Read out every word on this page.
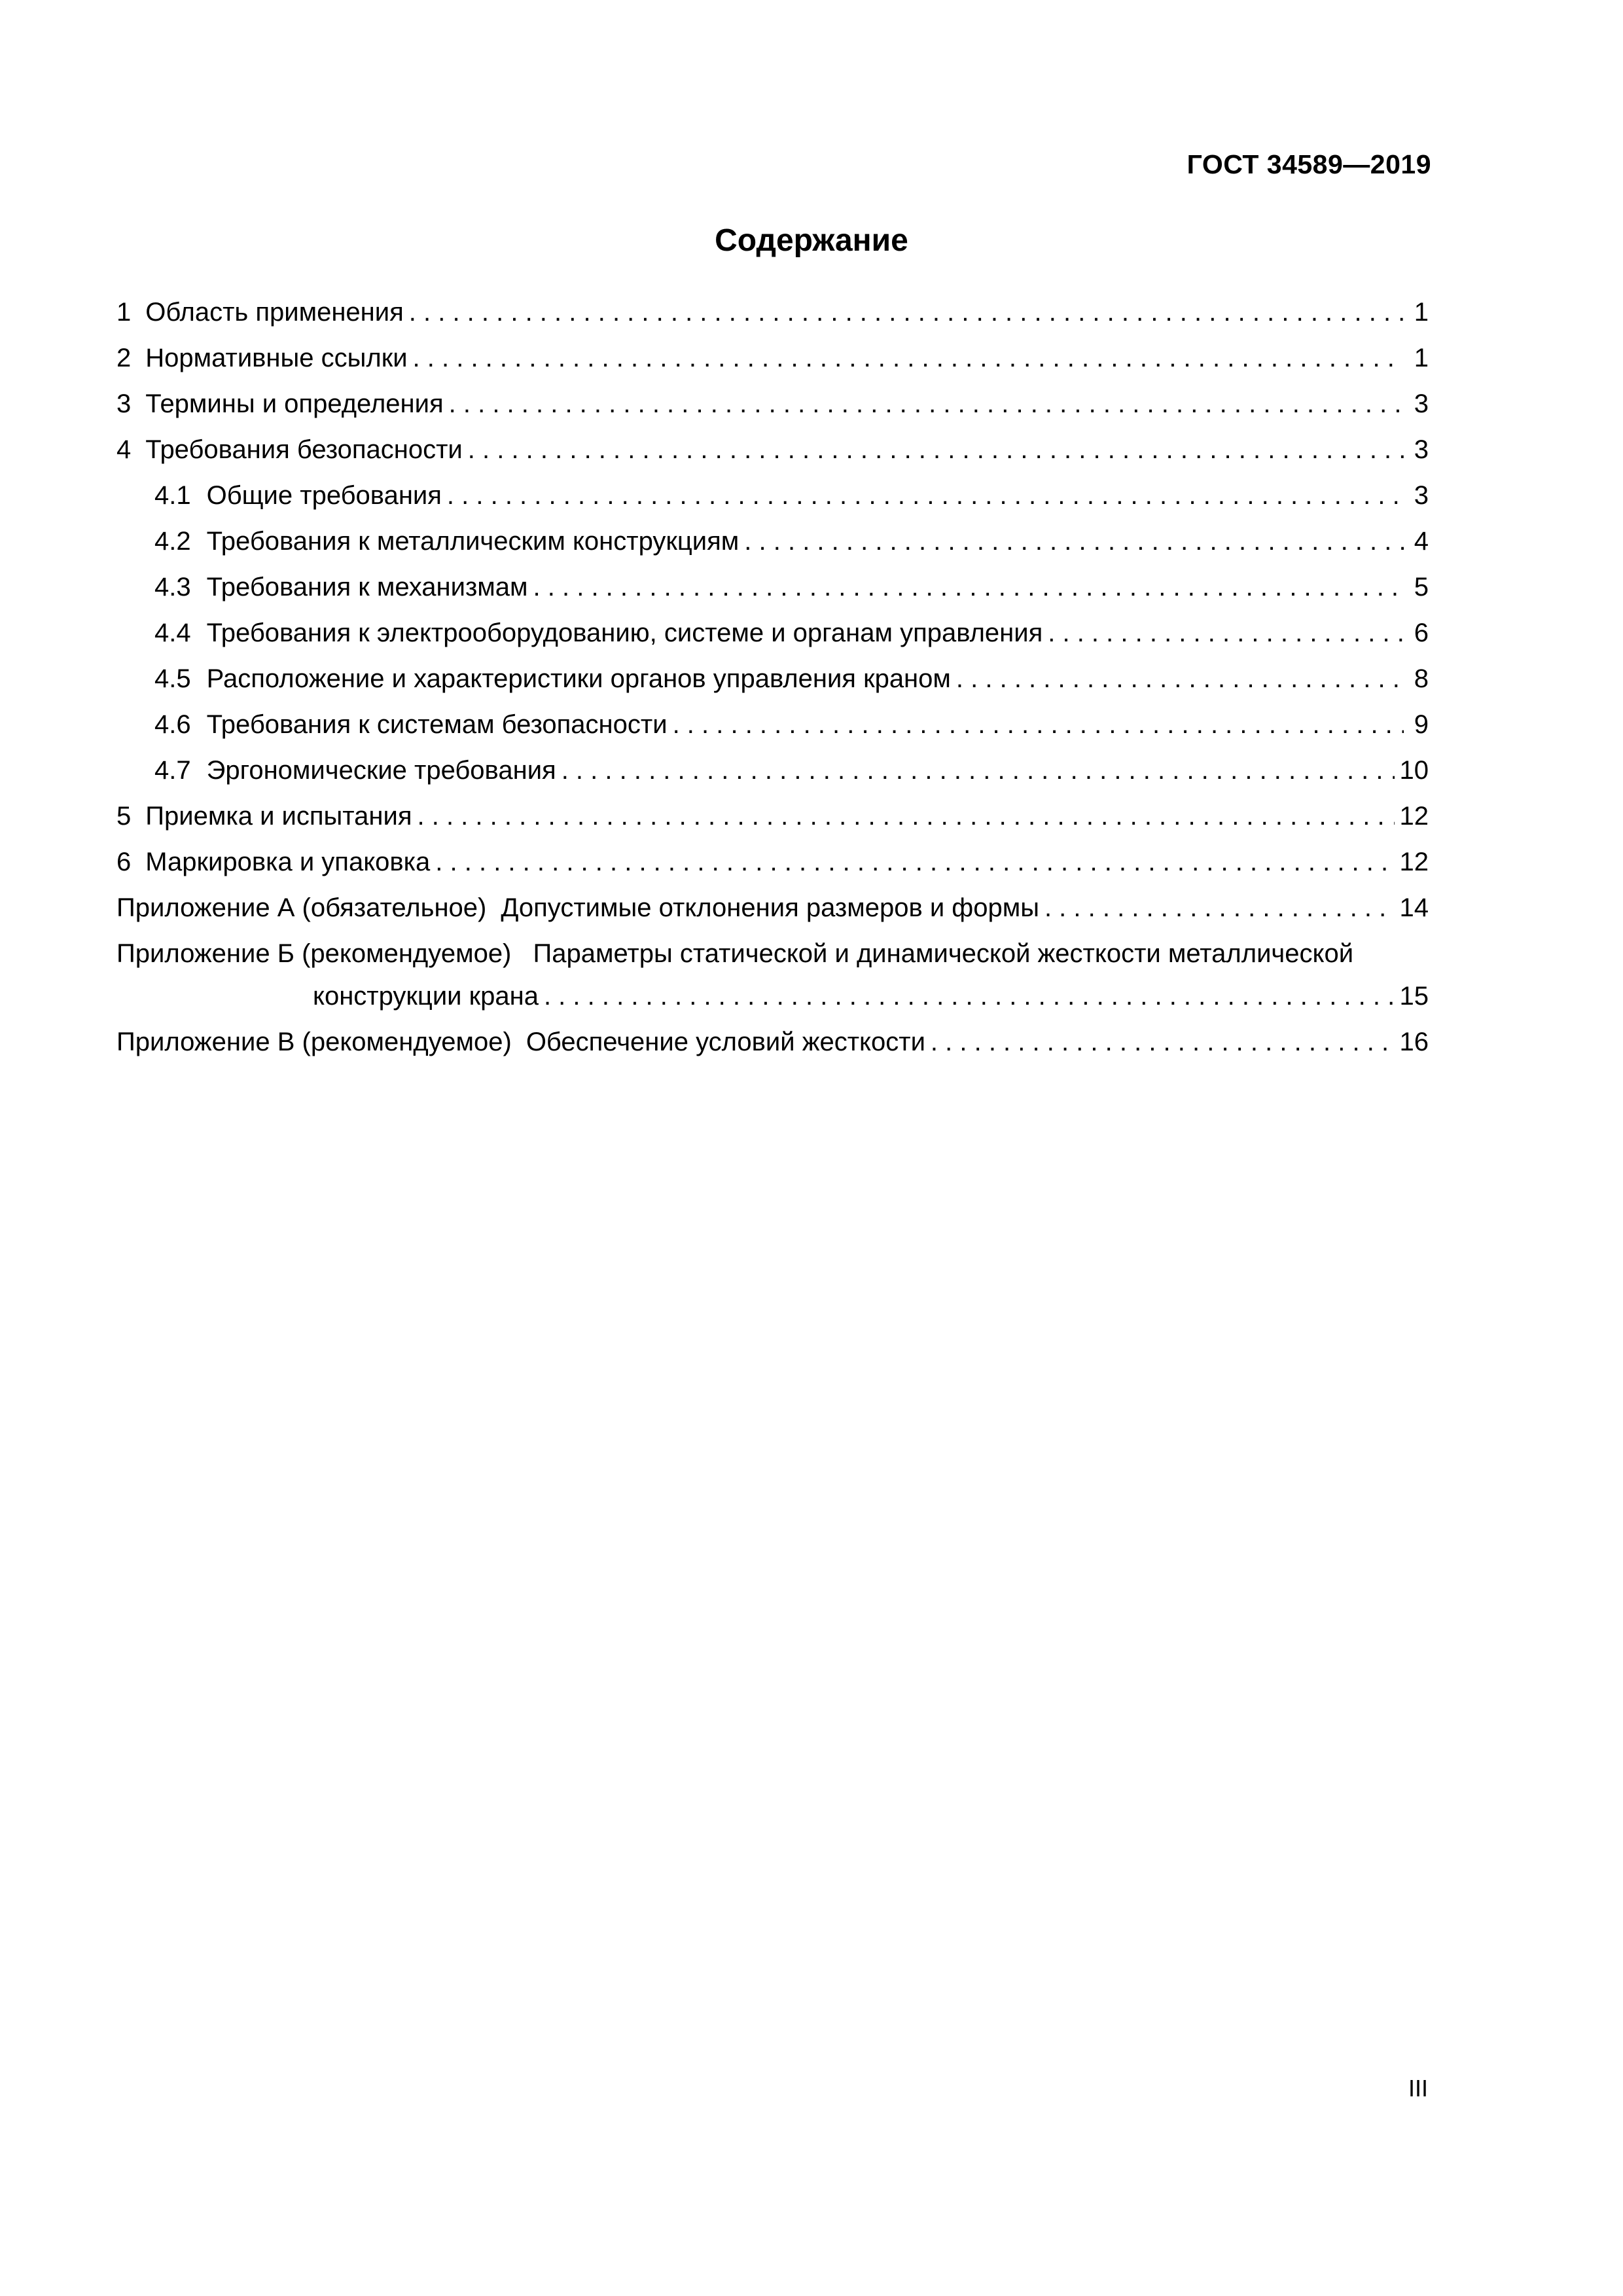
ГОСТ 34589—2019
Содержание
1 Область применения . . .	1
2 Нормативные ссылки . . .	1
3 Термины и определения . . .	3
4 Требования безопасности . . .	3
4.1 Общие требования . . .	3
4.2 Требования к металлическим конструкциям . . .	4
4.3 Требования к механизмам . . .	5
4.4 Требования к электрооборудованию, системе и органам управления . . .	6
4.5 Расположение и характеристики органов управления краном . . .	8
4.6 Требования к системам безопасности . . .	9
4.7 Эргономические требования . . .	10
5 Приемка и испытания . . .	12
6 Маркировка и упаковка . . .	12
Приложение А (обязательное) Допустимые отклонения размеров и формы . . .	14
Приложение Б (рекомендуемое) Параметры статической и динамической жесткости металлической
конструкции крана . . .	15
Приложение В (рекомендуемое) Обеспечение условий жесткости . . .	16
III
